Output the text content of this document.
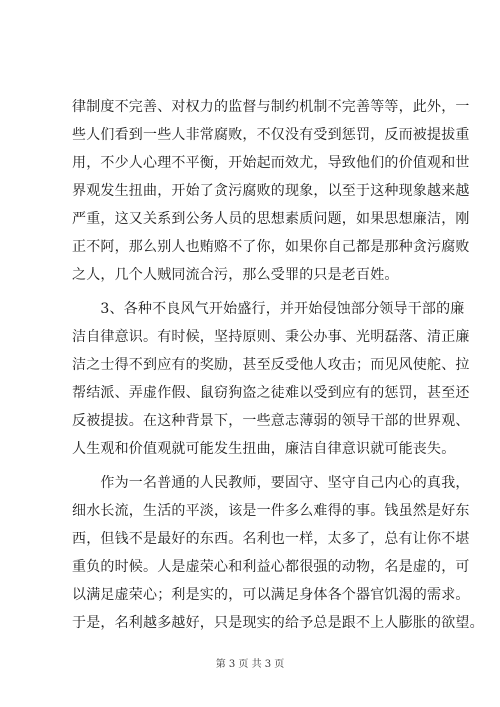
律制度不完善、对权力的监督与制约机制不完善等等，此外，一
些人们看到一些人非常腐败，不仅没有受到惩罚，反而被提拔重
用，不少人心理不平衡，开始起而效尤，导致他们的价值观和世
界观发生扭曲，开始了贪污腐败的现象，以至于这种现象越来越
严重，这又关系到公务人员的思想素质问题，如果思想廉洁，刚
正不阿，那么别人也贿赂不了你，如果你自己都是那种贪污腐败
之人，几个人贼同流合污，那么受罪的只是老百姓。
　　3、各种不良风气开始盛行，并开始侵蚀部分领导干部的廉
洁自律意识。有时候，坚持原则、秉公办事、光明磊落、清正廉
洁之士得不到应有的奖励，甚至反受他人攻击；而见风使舵、拉
帮结派、弄虚作假、鼠窃狗盗之徒难以受到应有的惩罚，甚至还
反被提拔。在这种背景下，一些意志薄弱的领导干部的世界观、
人生观和价值观就可能发生扭曲，廉洁自律意识就可能丧失。
　　作为一名普通的人民教师，要固守、坚守自己内心的真我，
细水长流，生活的平淡，该是一件多么难得的事。钱虽然是好东
西，但钱不是最好的东西。名利也一样，太多了，总有让你不堪
重负的时候。人是虚荣心和利益心都很强的动物，名是虚的，可
以满足虚荣心；利是实的，可以满足身体各个器官饥渴的需求。
于是，名利越多越好，只是现实的给予总是跟不上人膨胀的欲望。
第 3 页 共 3 页
